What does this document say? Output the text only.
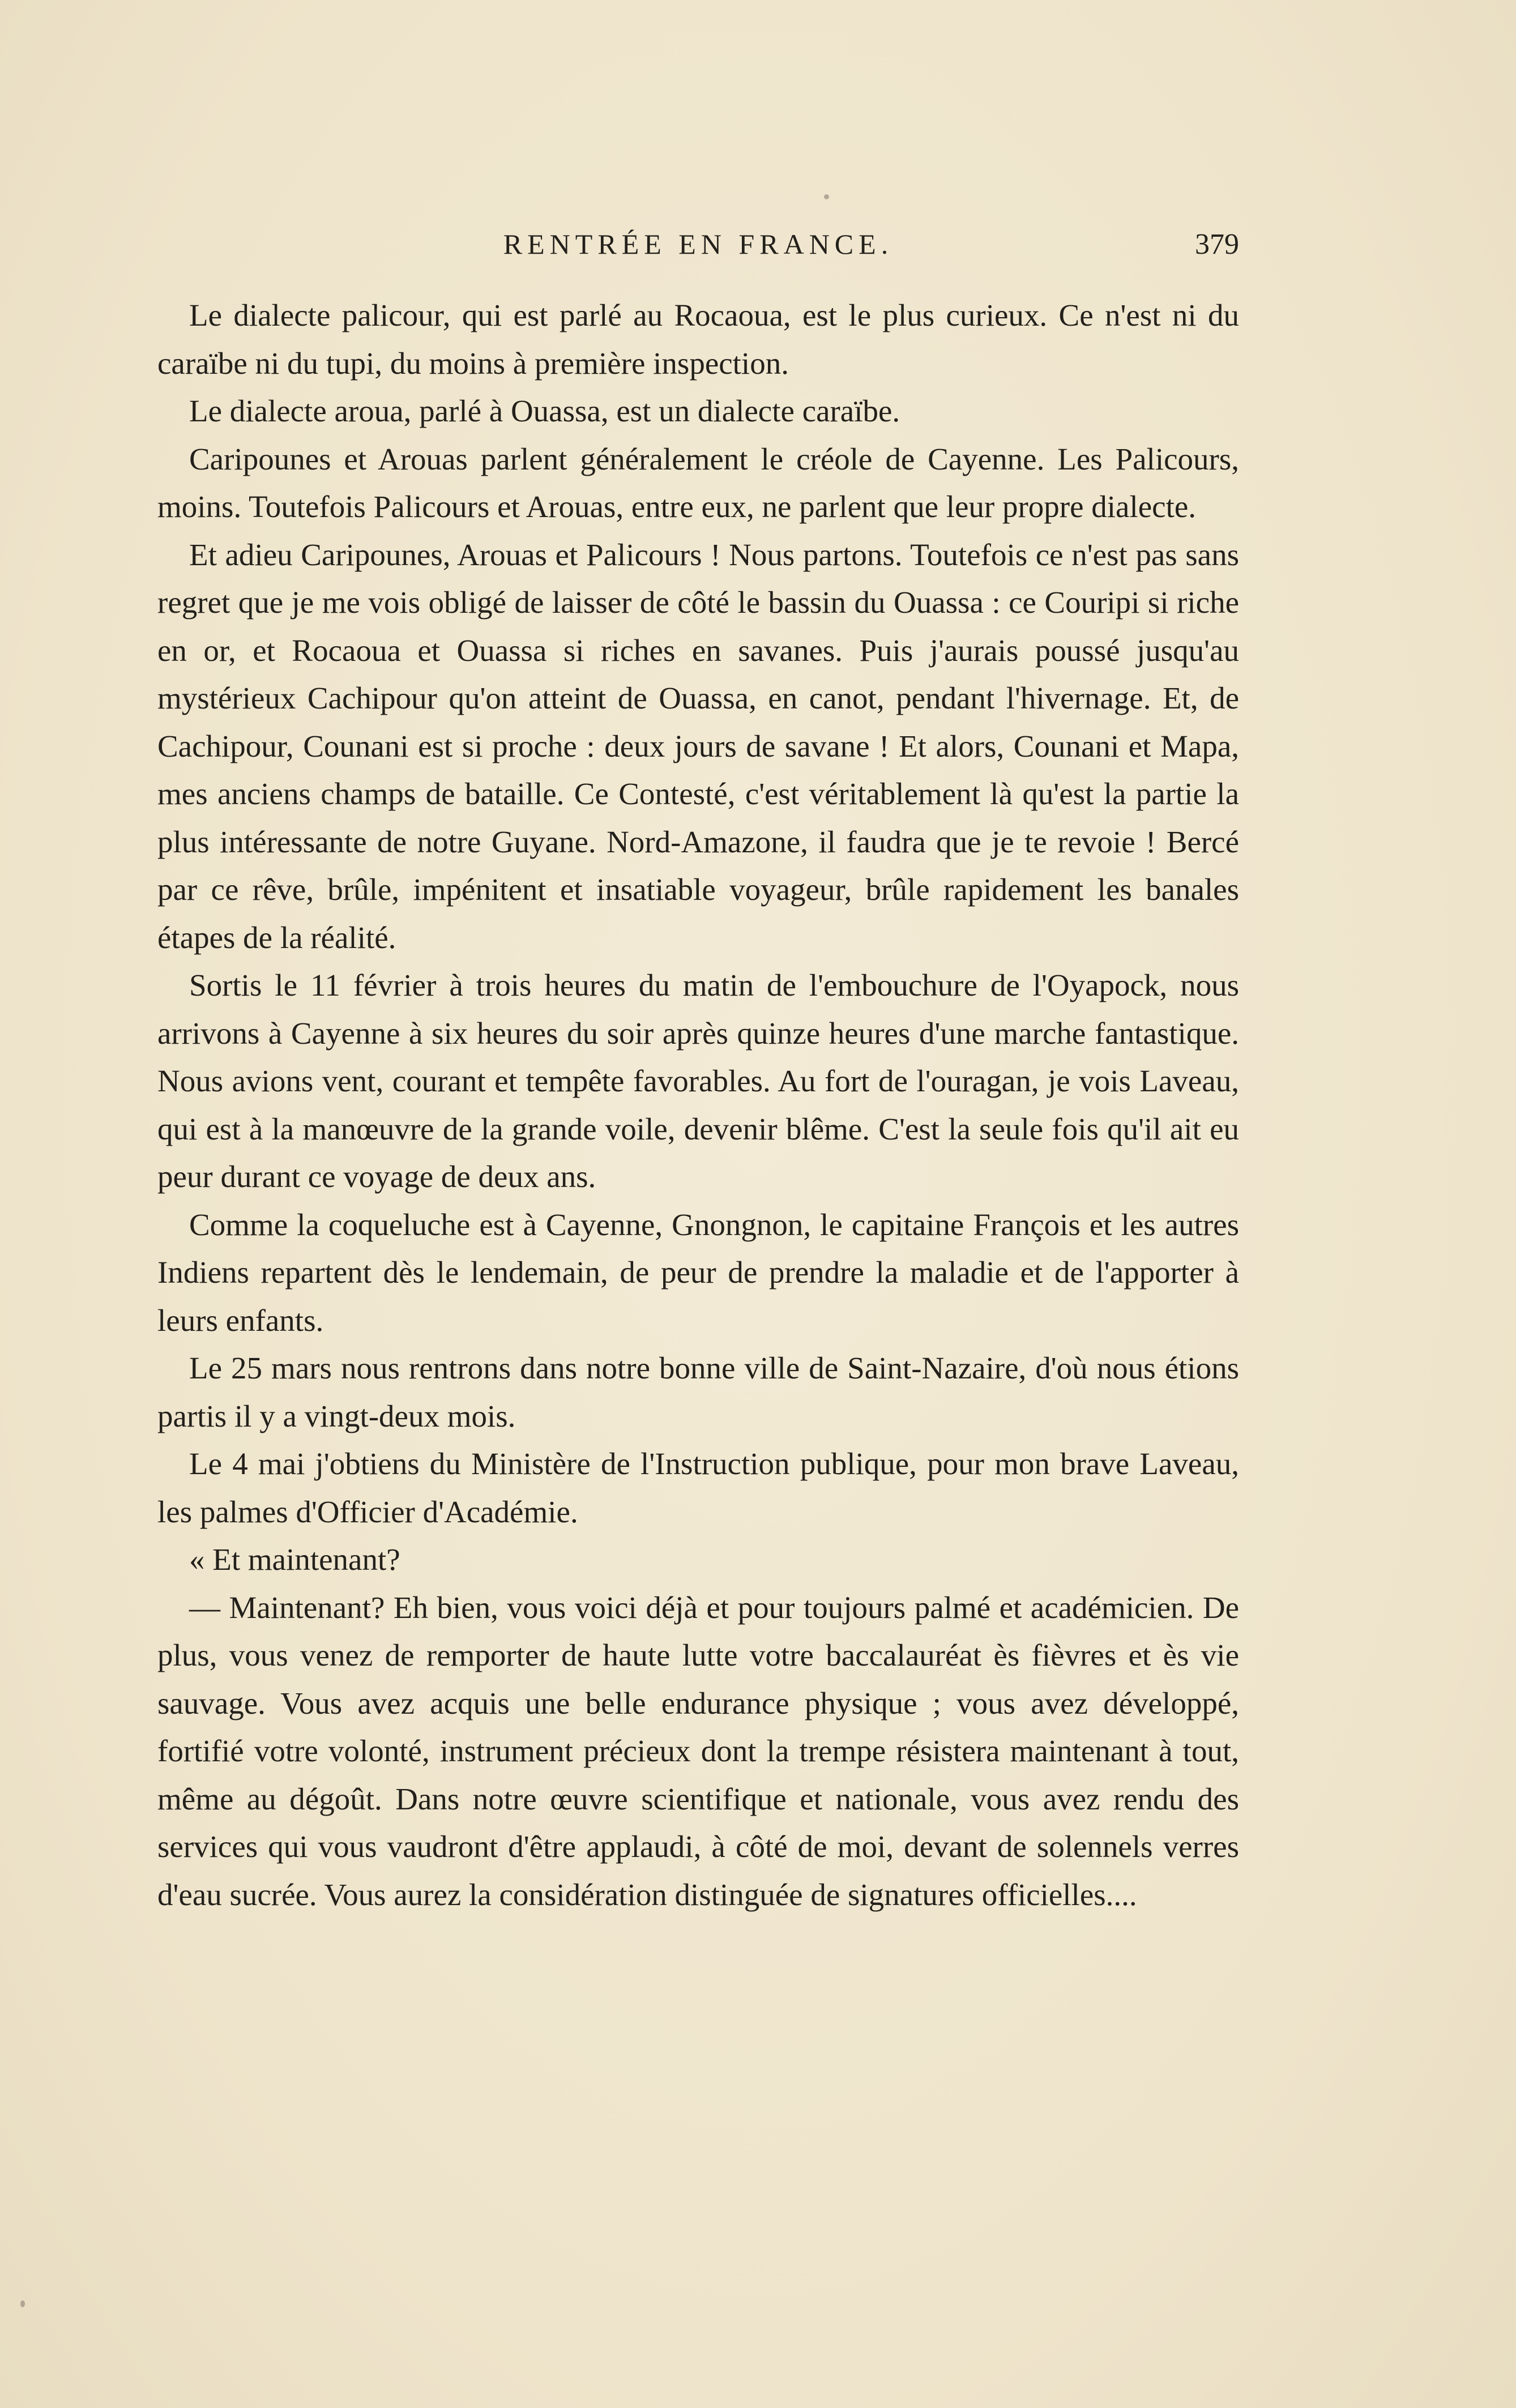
RENTRÉE EN FRANCE.	379

Le dialecte palicour, qui est parlé au Rocaoua, est le plus curieux. Ce n'est ni du caraïbe ni du tupi, du moins à première inspection.

Le dialecte aroua, parlé à Ouassa, est un dialecte caraïbe.

Caripounes et Arouas parlent généralement le créole de Cayenne. Les Palicours, moins. Toutefois Palicours et Arouas, entre eux, ne parlent que leur propre dialecte.

Et adieu Caripounes, Arouas et Palicours ! Nous partons. Toutefois ce n'est pas sans regret que je me vois obligé de laisser de côté le bassin du Ouassa : ce Couripi si riche en or, et Rocaoua et Ouassa si riches en savanes. Puis j'aurais poussé jusqu'au mystérieux Cachipour qu'on atteint de Ouassa, en canot, pendant l'hivernage. Et, de Cachipour, Counani est si proche : deux jours de savane ! Et alors, Counani et Mapa, mes anciens champs de bataille. Ce Contesté, c'est véritablement là qu'est la partie la plus intéressante de notre Guyane. Nord-Amazone, il faudra que je te revoie ! Bercé par ce rêve, brûle, impénitent et insatiable voyageur, brûle rapidement les banales étapes de la réalité.

Sortis le 11 février à trois heures du matin de l'embouchure de l'Oyapock, nous arrivons à Cayenne à six heures du soir après quinze heures d'une marche fantastique. Nous avions vent, courant et tempête favorables. Au fort de l'ouragan, je vois Laveau, qui est à la manœuvre de la grande voile, devenir blême. C'est la seule fois qu'il ait eu peur durant ce voyage de deux ans.

Comme la coqueluche est à Cayenne, Gnongnon, le capitaine François et les autres Indiens repartent dès le lendemain, de peur de prendre la maladie et de l'apporter à leurs enfants.

Le 25 mars nous rentrons dans notre bonne ville de Saint-Nazaire, d'où nous étions partis il y a vingt-deux mois.

Le 4 mai j'obtiens du Ministère de l'Instruction publique, pour mon brave Laveau, les palmes d'Officier d'Académie.

« Et maintenant?

— Maintenant? Eh bien, vous voici déjà et pour toujours palmé et académicien. De plus, vous venez de remporter de haute lutte votre baccalauréat ès fièvres et ès vie sauvage. Vous avez acquis une belle endurance physique ; vous avez développé, fortifié votre volonté, instrument précieux dont la trempe résistera maintenant à tout, même au dégoût. Dans notre œuvre scientifique et nationale, vous avez rendu des services qui vous vaudront d'être applaudi, à côté de moi, devant de solennels verres d'eau sucrée. Vous aurez la considération distinguée de signatures officielles....
